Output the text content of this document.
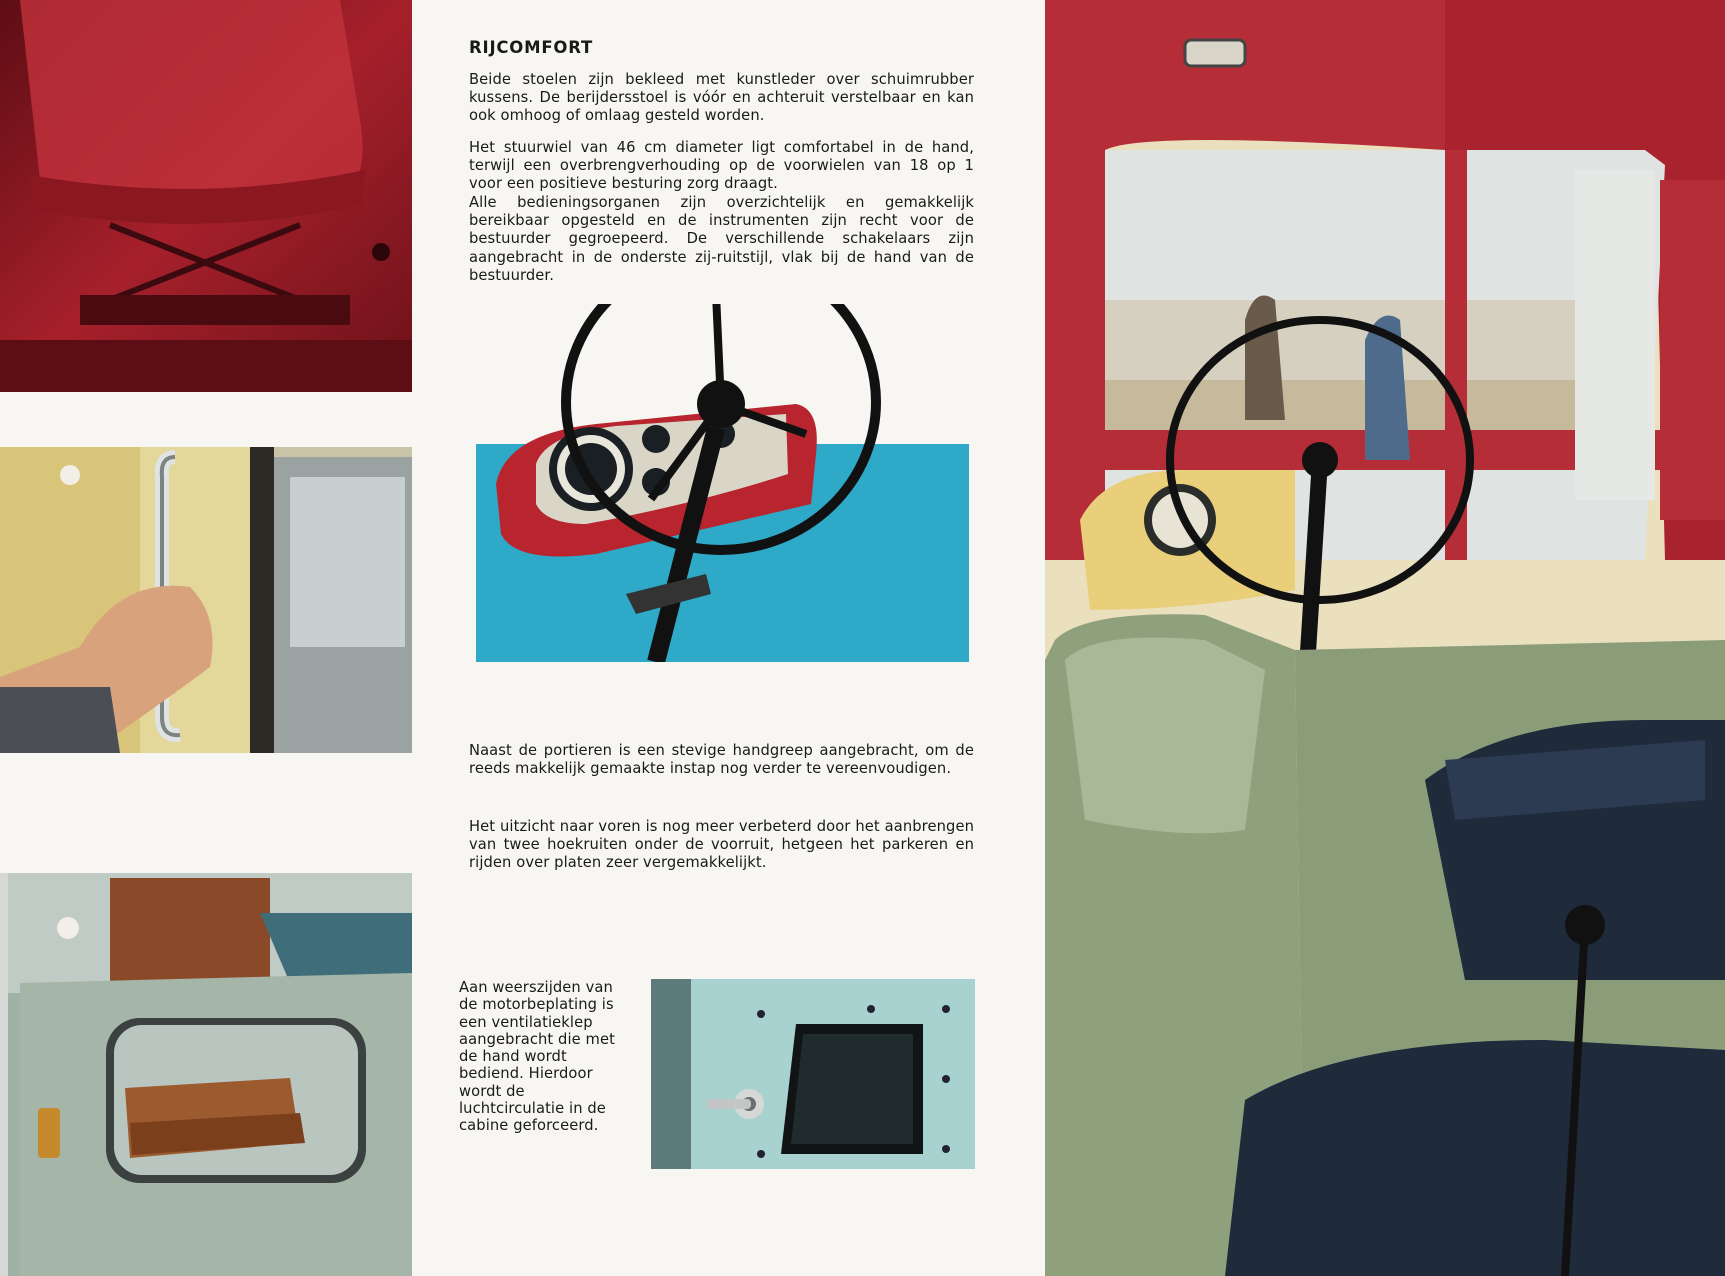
RIJCOMFORT

Beide stoelen zijn bekleed met kunstleder over schuimrubber kussens. De berijdersstoel is vóór en achteruit verstelbaar en kan ook omhoog of omlaag gesteld worden.

Het stuurwiel van 46 cm diameter ligt comfortabel in de hand, terwijl een overbrengverhouding op de voorwielen van 18 op 1 voor een positieve besturing zorg draagt.

Alle bedieningsorganen zijn overzichtelijk en gemakkelijk bereikbaar opgesteld en de instrumenten zijn recht voor de bestuurder gegroepeerd. De verschillende schakelaars zijn aangebracht in de onderste zij-ruitstijl, vlak bij de hand van de bestuurder.

Naast de portieren is een stevige handgreep aangebracht, om de reeds makkelijk gemaakte instap nog verder te vereenvoudigen.

Het uitzicht naar voren is nog meer verbeterd door het aanbrengen van twee hoekruiten onder de voorruit, hetgeen het parkeren en rijden over platen zeer vergemakkelijkt.

Aan weerszijden van de motorbeplating is een ventilatieklep aangebracht die met de hand wordt bediend. Hierdoor wordt de luchtcirculatie in de cabine geforceerd.
